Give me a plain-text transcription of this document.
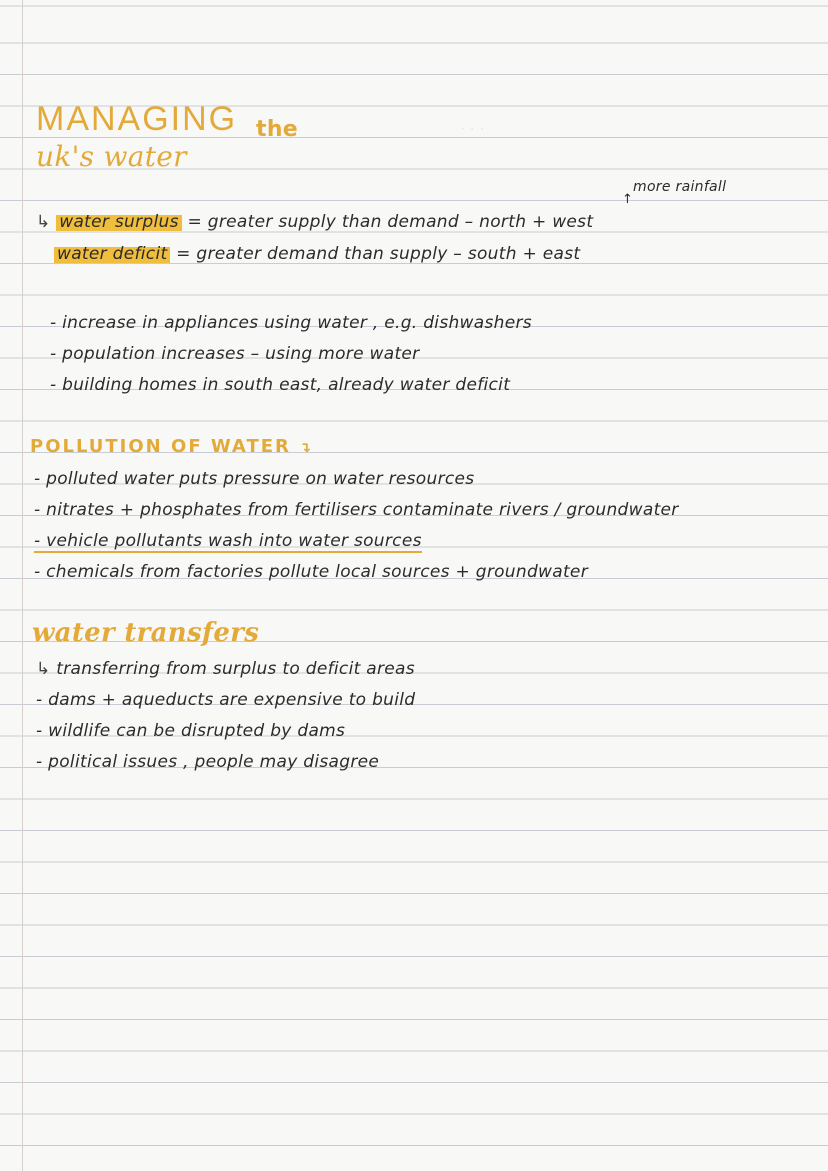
· · ·
MANAGING the
uk's water
more rainfall
↑
↳ water surplus = greater supply than demand – north + west
water deficit = greater demand than supply – south + east
- increase in appliances using water , e.g. dishwashers
- population increases – using more water
- building homes in south east, already water deficit
POLLUTION OF WATER ↴
- polluted water puts pressure on water resources
- nitrates + phosphates from fertilisers contaminate rivers / groundwater
- vehicle pollutants wash into water sources
- chemicals from factories pollute local sources + groundwater
water transfers
↳ transferring from surplus to deficit areas
- dams + aqueducts are expensive to build
- wildlife can be disrupted by dams
- political issues , people may disagree
